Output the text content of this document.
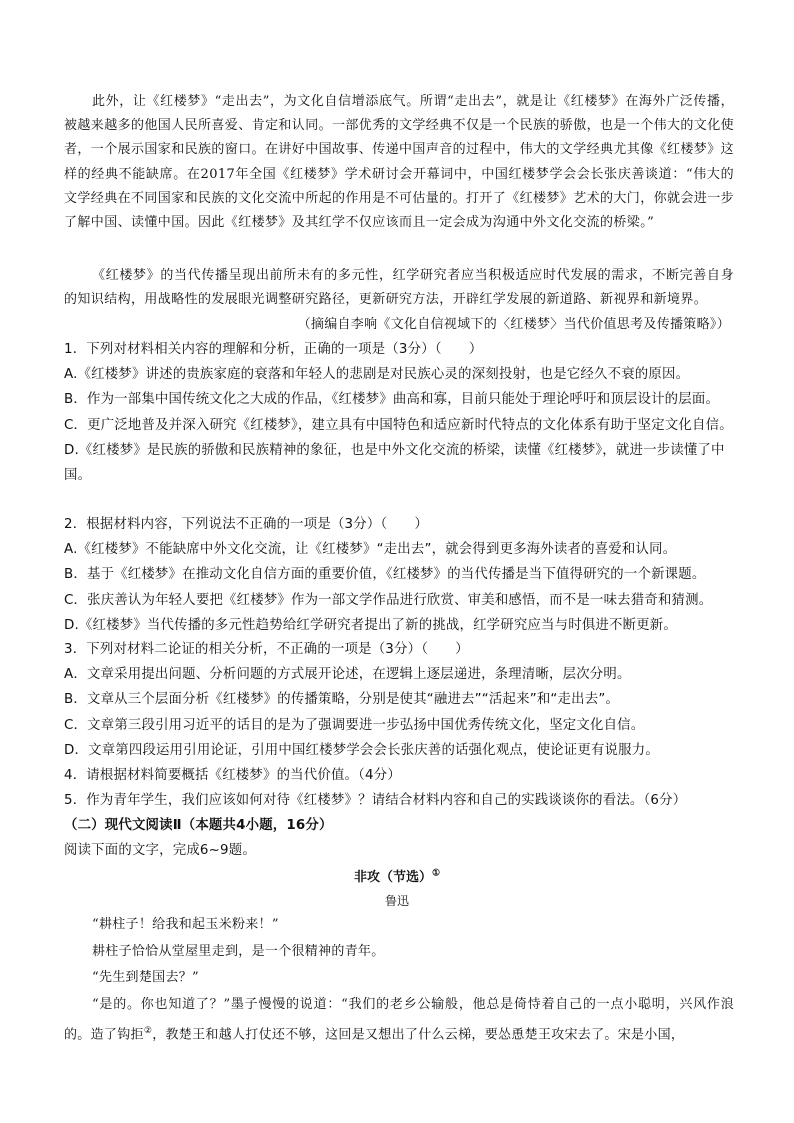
此外，让《红楼梦》“走出去”，为文化自信增添底气。所谓“走出去”，就是让《红楼梦》在海外广泛传播，被越来越多的他国人民所喜爱、肯定和认同。一部优秀的文学经典不仅是一个民族的骄傲，也是一个伟大的文化使者，一个展示国家和民族的窗口。在讲好中国故事、传递中国声音的过程中，伟大的文学经典尤其像《红楼梦》这样的经典不能缺席。在2017年全国《红楼梦》学术研讨会开幕词中，中国红楼梦学会会长张庆善谈道：“伟大的文学经典在不同国家和民族的文化交流中所起的作用是不可估量的。打开了《红楼梦》艺术的大门，你就会进一步了解中国、读懂中国。因此《红楼梦》及其红学不仅应该而且一定会成为沟通中外文化交流的桥梁。”
《红楼梦》的当代传播呈现出前所未有的多元性，红学研究者应当积极适应时代发展的需求，不断完善自身的知识结构，用战略性的发展眼光调整研究路径，更新研究方法，开辟红学发展的新道路、新视界和新境界。
（摘编自李响《文化自信视域下的〈红楼梦〉当代价值思考及传播策略》）
1．下列对材料相关内容的理解和分析，正确的一项是（3分）（　　）
A.《红楼梦》讲述的贵族家庭的衰落和年轻人的悲剧是对民族心灵的深刻投射，也是它经久不衰的原因。
B．作为一部集中国传统文化之大成的作品，《红楼梦》曲高和寡，目前只能处于理论呼吁和顶层设计的层面。
C．更广泛地普及并深入研究《红楼梦》，建立具有中国特色和适应新时代特点的文化体系有助于坚定文化自信。
D.《红楼梦》是民族的骄傲和民族精神的象征，也是中外文化交流的桥梁，读懂《红楼梦》，就进一步读懂了中国。
2．根据材料内容，下列说法不正确的一项是（3分）（　　）
A.《红楼梦》不能缺席中外文化交流，让《红楼梦》“走出去”，就会得到更多海外读者的喜爱和认同。
B．基于《红楼梦》在推动文化自信方面的重要价值，《红楼梦》的当代传播是当下值得研究的一个新课题。
C．张庆善认为年轻人要把《红楼梦》作为一部文学作品进行欣赏、审美和感悟，而不是一味去猎奇和猜测。
D.《红楼梦》当代传播的多元性趋势给红学研究者提出了新的挑战，红学研究应当与时俱进不断更新。
3．下列对材料二论证的相关分析，不正确的一项是（3分）（　　）
A．文章采用提出问题、分析问题的方式展开论述，在逻辑上逐层递进，条理清晰，层次分明。
B．文章从三个层面分析《红楼梦》的传播策略，分别是使其“融进去”“活起来”和“走出去”。
C．文章第三段引用习近平的话目的是为了强调要进一步弘扬中国优秀传统文化，坚定文化自信。
D．文章第四段运用引用论证，引用中国红楼梦学会会长张庆善的话强化观点，使论证更有说服力。
4．请根据材料简要概括《红楼梦》的当代价值。（4分）
5．作为青年学生，我们应该如何对待《红楼梦》？请结合材料内容和自己的实践谈谈你的看法。（6分）
（二）现代文阅读Ⅱ（本题共4小题，16分）
阅读下面的文字，完成6~9题。
非攻（节选）①
鲁迅
“耕柱子！给我和起玉米粉来！”
耕柱子恰恰从堂屋里走到，是一个很精神的青年。
“先生到楚国去？”
“是的。你也知道了？”墨子慢慢的说道：“我们的老乡公输般，他总是倚恃着自己的一点小聪明，兴风作浪的。造了钩拒②，教楚王和越人打仗还不够，这回是又想出了什么云梯，要怂恿楚王攻宋去了。宋是小国，
